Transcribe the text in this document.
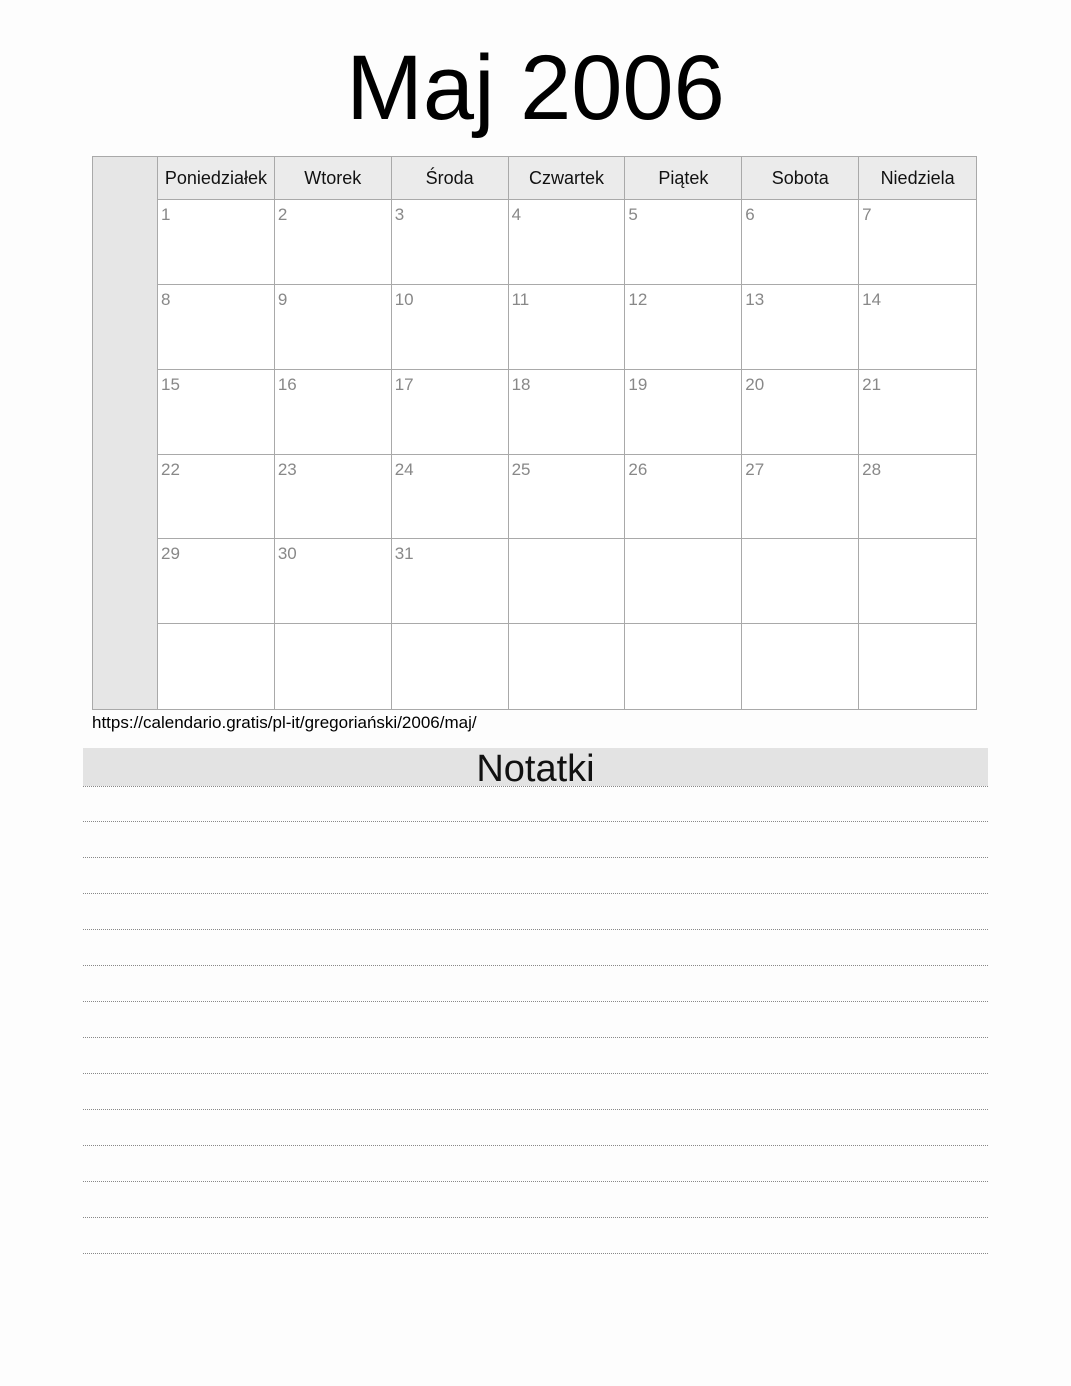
Maj 2006
Poniedziałek	Wtorek	Środa	Czwartek	Piątek	Sobota	Niedziela
1	2	3	4	5	6	7
8	9	10	11	12	13	14
15	16	17	18	19	20	21
22	23	24	25	26	27	28
29	30	31
https://calendario.gratis/pl-it/gregoriański/2006/maj/
Notatki
